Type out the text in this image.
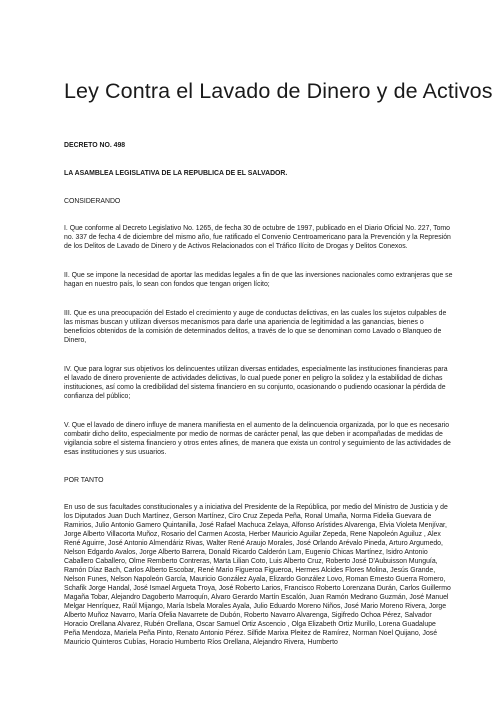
Ley Contra el Lavado de Dinero y de Activos

DECRETO NO. 498

LA ASAMBLEA LEGISLATIVA DE LA REPUBLICA DE EL SALVADOR.

CONSIDERANDO

I. Que conforme al Decreto Legislativo No. 1265, de fecha 30 de octubre de 1997, publicado en el Diario Oficial No. 227, Tomo no. 337 de fecha 4 de diciembre del mismo año, fue ratificado el Convenio Centroamericano para la Prevención y la Represión de los Delitos de Lavado de Dinero y de Activos Relacionados con el Tráfico Ilícito de Drogas y Delitos Conexos.

II. Que se impone la necesidad de aportar las medidas legales a fin de que las inversiones nacionales como extranjeras que se hagan en nuestro país, lo sean con fondos que tengan origen lícito;

III. Que es una preocupación del Estado el crecimiento y auge de conductas delictivas, en las cuales los sujetos culpables de las mismas buscan y utilizan diversos mecanismos para darle una apariencia de legitimidad a las ganancias, bienes o beneficios obtenidos de la comisión de determinados delitos, a través de lo que se denominan como Lavado o Blanqueo de Dinero,

IV. Que para lograr sus objetivos los delincuentes utilizan diversas entidades, especialmente las instituciones financieras para el lavado de dinero proveniente de actividades delictivas, lo cual puede poner en peligro la solidez y la estabilidad de dichas instituciones, así como la credibilidad del sistema financiero en su conjunto, ocasionando o pudiendo ocasionar la pérdida de confianza del público;

V. Que el lavado de dinero influye de manera manifiesta en el aumento de la delincuencia organizada, por lo que es necesario combatir dicho delito, especialmente por medio de normas de carácter penal, las que deben ir acompañadas de medidas de vigilancia sobre el sistema financiero y otros entes afines, de manera que exista un control y seguimiento de las actividades de esas instituciones y sus usuarios.

POR TANTO

En uso de sus facultades constitucionales y a iniciativa del Presidente de la República, por medio del Ministro de Justicia y de los Diputados Juan Duch Martínez, Gerson Martínez, Ciro Cruz Zepeda Peña, Ronal Umaña, Norma Fidelia Guevara de Ramirios, Julio Antonio Gamero Quintanilla, José Rafael Machuca Zelaya, Alfonso Arístides Alvarenga, Elvia Violeta Menjívar, Jorge Alberto Villacorta Muñoz, Rosario del Carmen Acosta, Herber Mauricio Aguilar Zepeda, Rene Napoleón Aguiluz , Alex René Aguirre, José Antonio Almendáriz Rivas, Walter René Araujo Morales, José Orlando Arévalo Pineda, Arturo Argumedo, Nelson Edgardo Avalos, Jorge Alberto Barrera, Donald Ricardo Calderón Lam, Eugenio Chicas Martínez, Isidro Antonio Caballero Caballero, Olme Remberto Contreras, Marta Lilian Coto, Luis Alberto Cruz, Roberto José D'Aubuisson Munguía, Ramón Díaz Bach, Carlos Alberto Escobar, René Mario Figueroa Figueroa, Hermes Alcides Flores Molina, Jesús Grande, Nelson Funes, Nelson Napoleón García, Mauricio González Ayala, Elizardo González Lovo, Roman Ernesto Guerra Romero, Schafik Jorge Handal, José Ismael Argueta Troya, José Roberto Larios, Francisco Roberto Lorenzana Durán, Carlos Guillermo Magaña Tobar, Alejandro Dagoberto Marroquín, Alvaro Gerardo Martín Escalón, Juan Ramón Medrano Guzmán, José Manuel Melgar Henríquez, Raúl Mijango, María Isbela Morales Ayala, Julio Eduardo Moreno Niños, José Mario Moreno Rivera, Jorge Alberto Muñoz Navarro, María Ofelia Navarrete de Dubón, Roberto Navarro Alvarenga, Sigifredo Ochoa Pérez, Salvador Horacio Orellana Alvarez, Rubén Orellana, Oscar Samuel Ortiz Ascencio , Olga Elizabeth Ortiz Murillo, Lorena Guadalupe Peña Mendoza, Mariela Peña Pinto, Renato Antonio Pérez. Silfide Marixa Pleitez de Ramírez, Norman Noel Quijano, José Mauricio Quinteros Cubías, Horacio Humberto Ríos Orellana, Alejandro Rivera, Humberto
